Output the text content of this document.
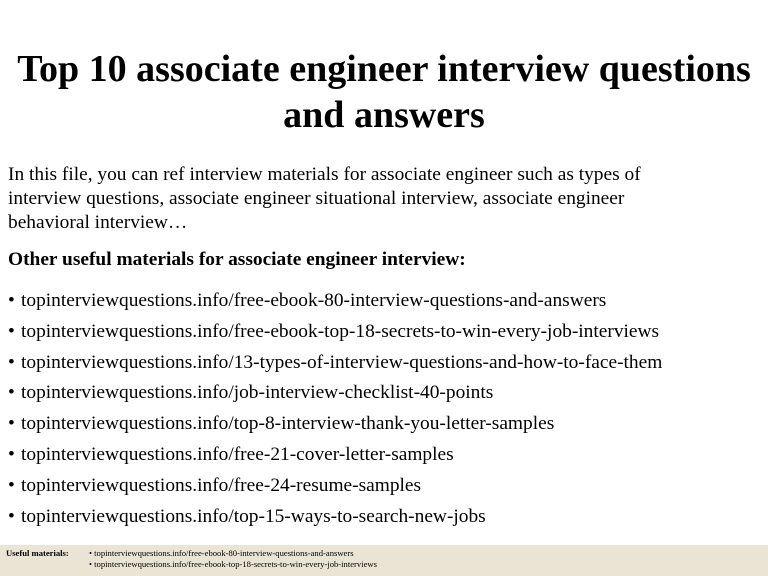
Top 10 associate engineer interview questions
and answers

In this file, you can ref interview materials for associate engineer such as types of
interview questions, associate engineer situational interview, associate engineer
behavioral interview…

Other useful materials for associate engineer interview:

• topinterviewquestions.info/free-ebook-80-interview-questions-and-answers
• topinterviewquestions.info/free-ebook-top-18-secrets-to-win-every-job-interviews
• topinterviewquestions.info/13-types-of-interview-questions-and-how-to-face-them
• topinterviewquestions.info/job-interview-checklist-40-points
• topinterviewquestions.info/top-8-interview-thank-you-letter-samples
• topinterviewquestions.info/free-21-cover-letter-samples
• topinterviewquestions.info/free-24-resume-samples
• topinterviewquestions.info/top-15-ways-to-search-new-jobs
Useful materials: • topinterviewquestions.info/free-ebook-80-interview-questions-and-answers
• topinterviewquestions.info/free-ebook-top-18-secrets-to-win-every-job-interviews
